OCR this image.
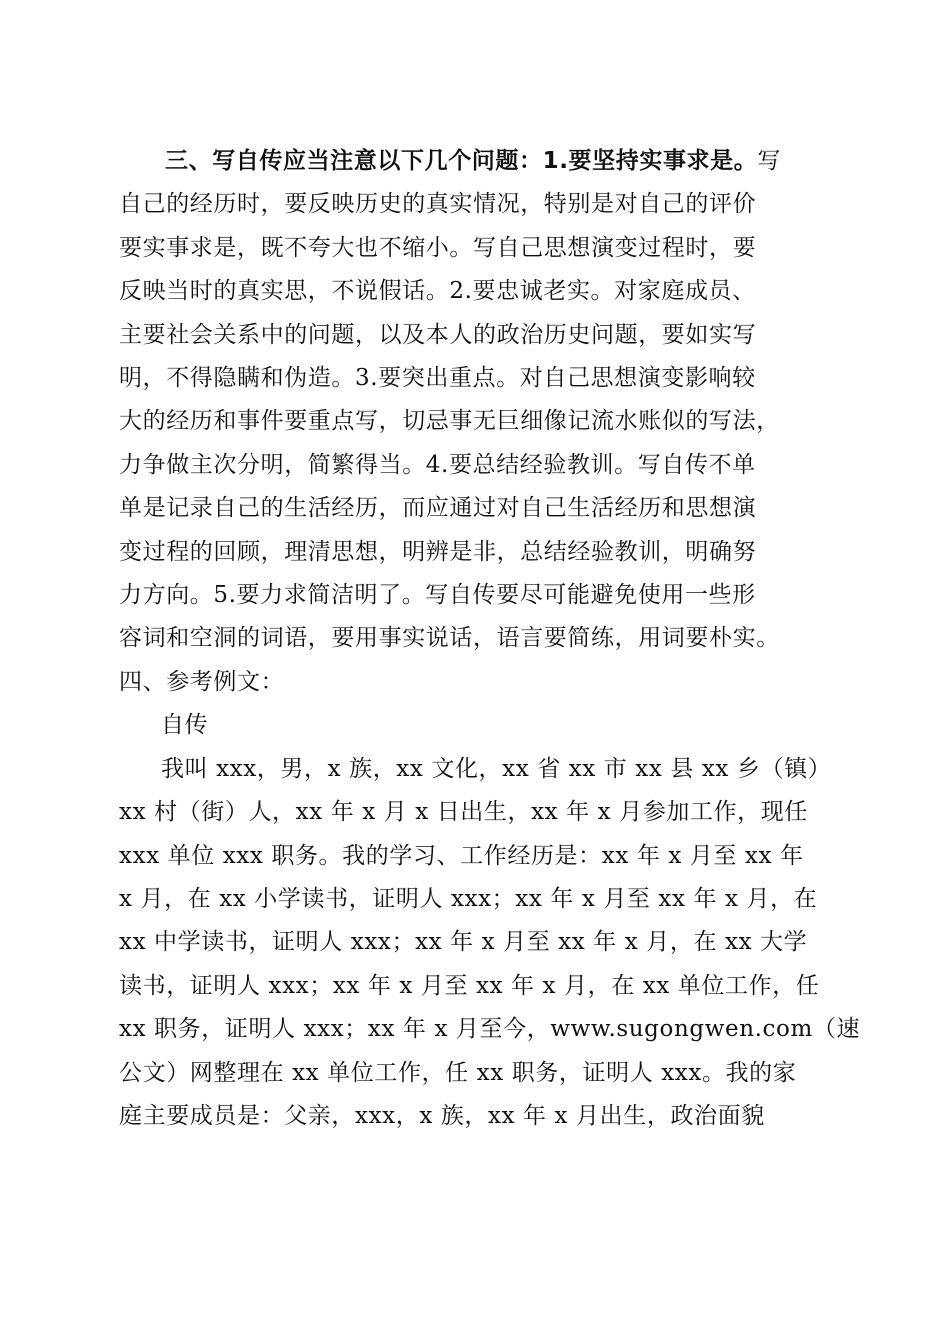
三、写自传应当注意以下几个问题：1.要坚持实事求是。写
自己的经历时，要反映历史的真实情况，特别是对自己的评价
要实事求是，既不夸大也不缩小。写自己思想演变过程时，要
反映当时的真实思，不说假话。2.要忠诚老实。对家庭成员、
主要社会关系中的问题，以及本人的政治历史问题，要如实写
明，不得隐瞒和伪造。3.要突出重点。对自己思想演变影响较
大的经历和事件要重点写，切忌事无巨细像记流水账似的写法，
力争做主次分明，简繁得当。4.要总结经验教训。写自传不单
单是记录自己的生活经历，而应通过对自己生活经历和思想演
变过程的回顾，理清思想，明辨是非，总结经验教训，明确努
力方向。5.要力求简洁明了。写自传要尽可能避免使用一些形
容词和空洞的词语，要用事实说话，语言要简练，用词要朴实。
四、参考例文：
自传
我叫 xxx，男，x 族，xx 文化，xx 省 xx 市 xx 县 xx 乡（镇）
xx 村（街）人，xx 年 x 月 x 日出生，xx 年 x 月参加工作，现任
xxx 单位 xxx 职务。我的学习、工作经历是：xx 年 x 月至 xx 年
x 月，在 xx 小学读书，证明人 xxx；xx 年 x 月至 xx 年 x 月，在
xx 中学读书，证明人 xxx；xx 年 x 月至 xx 年 x 月，在 xx 大学
读书，证明人 xxx；xx 年 x 月至 xx 年 x 月，在 xx 单位工作，任
xx 职务，证明人 xxx；xx 年 x 月至今，www.sugongwen.com（速
公文）网整理在 xx 单位工作，任 xx 职务，证明人 xxx。我的家
庭主要成员是：父亲，xxx，x 族，xx 年 x 月出生，政治面貌
